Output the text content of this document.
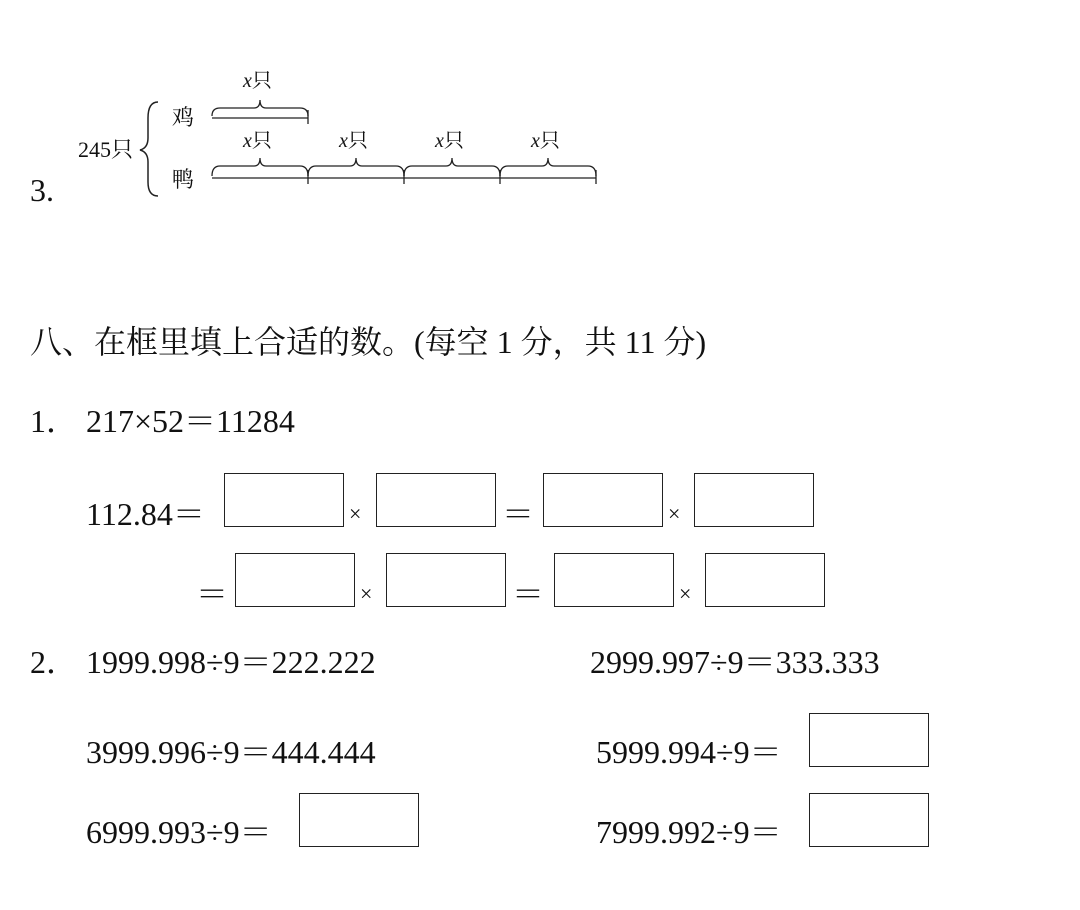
3.
245只
鸡
鸭
x只
x只	x只	x只	x只
八、在框里填上合适的数。(每空 1 分，共 11 分)
1． 217×52＝11284
112.84＝	×	＝	×
＝	×	＝	×
2． 1999.998÷9＝222.222	2999.997÷9＝333.333
3999.996÷9＝444.444	5999.994÷9＝
6999.993÷9＝	7999.992÷9＝
